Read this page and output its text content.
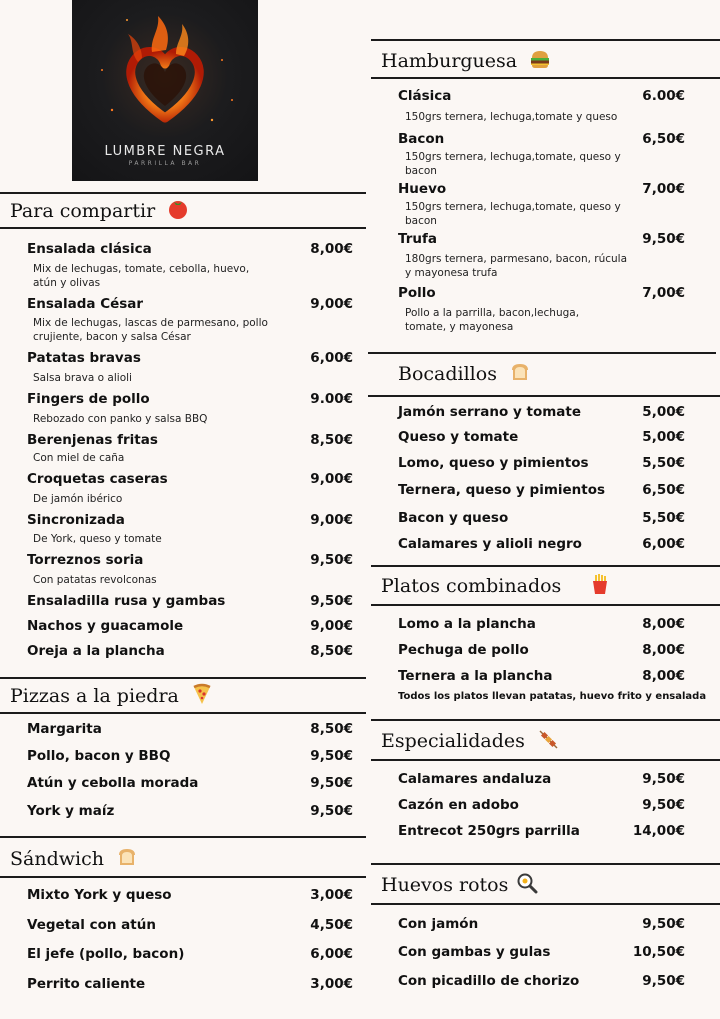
LUMBRE NEGRA
PARRILLA BAR
Para compartir
Ensalada clásica	8,00€
Mix de lechugas, tomate, cebolla, huevo, atún y olivas
Ensalada César	9,00€
Mix de lechugas, lascas de parmesano, pollo crujiente, bacon y salsa César
Patatas bravas	6,00€
Salsa brava o alioli
Fingers de pollo	9.00€
Rebozado con panko y salsa BBQ
Berenjenas fritas	8,50€
Con miel de caña
Croquetas caseras	9,00€
De jamón ibérico
Sincronizada	9,00€
De York, queso y tomate
Torreznos soria	9,50€
Con patatas revolconas
Ensaladilla rusa y gambas	9,50€
Nachos y guacamole	9,00€
Oreja a la plancha	8,50€
Pizzas a la piedra
Margarita	8,50€
Pollo, bacon y BBQ	9,50€
Atún y cebolla morada	9,50€
York y maíz	9,50€
Sándwich
Mixto York y queso	3,00€
Vegetal con atún	4,50€
El jefe (pollo, bacon)	6,00€
Perrito caliente	3,00€
Hamburguesa
Clásica	6.00€
150grs ternera, lechuga,tomate y queso
Bacon	6,50€
150grs ternera, lechuga,tomate, queso y bacon
Huevo	7,00€
150grs ternera, lechuga,tomate, queso y bacon
Trufa	9,50€
180grs ternera, parmesano, bacon, rúcula y mayonesa trufa
Pollo	7,00€
Pollo a la parrilla, bacon,lechuga, tomate, y mayonesa
Bocadillos
Jamón serrano y tomate	5,00€
Queso y tomate	5,00€
Lomo, queso y pimientos	5,50€
Ternera, queso y pimientos	6,50€
Bacon y queso	5,50€
Calamares y alioli negro	6,00€
Platos combinados
Lomo a la plancha	8,00€
Pechuga de pollo	8,00€
Ternera a la plancha	8,00€
Todos los platos llevan patatas, huevo frito y ensalada
Especialidades
Calamares andaluza	9,50€
Cazón en adobo	9,50€
Entrecot 250grs parrilla	14,00€
Huevos rotos
Con jamón	9,50€
Con gambas y gulas	10,50€
Con picadillo de chorizo	9,50€
